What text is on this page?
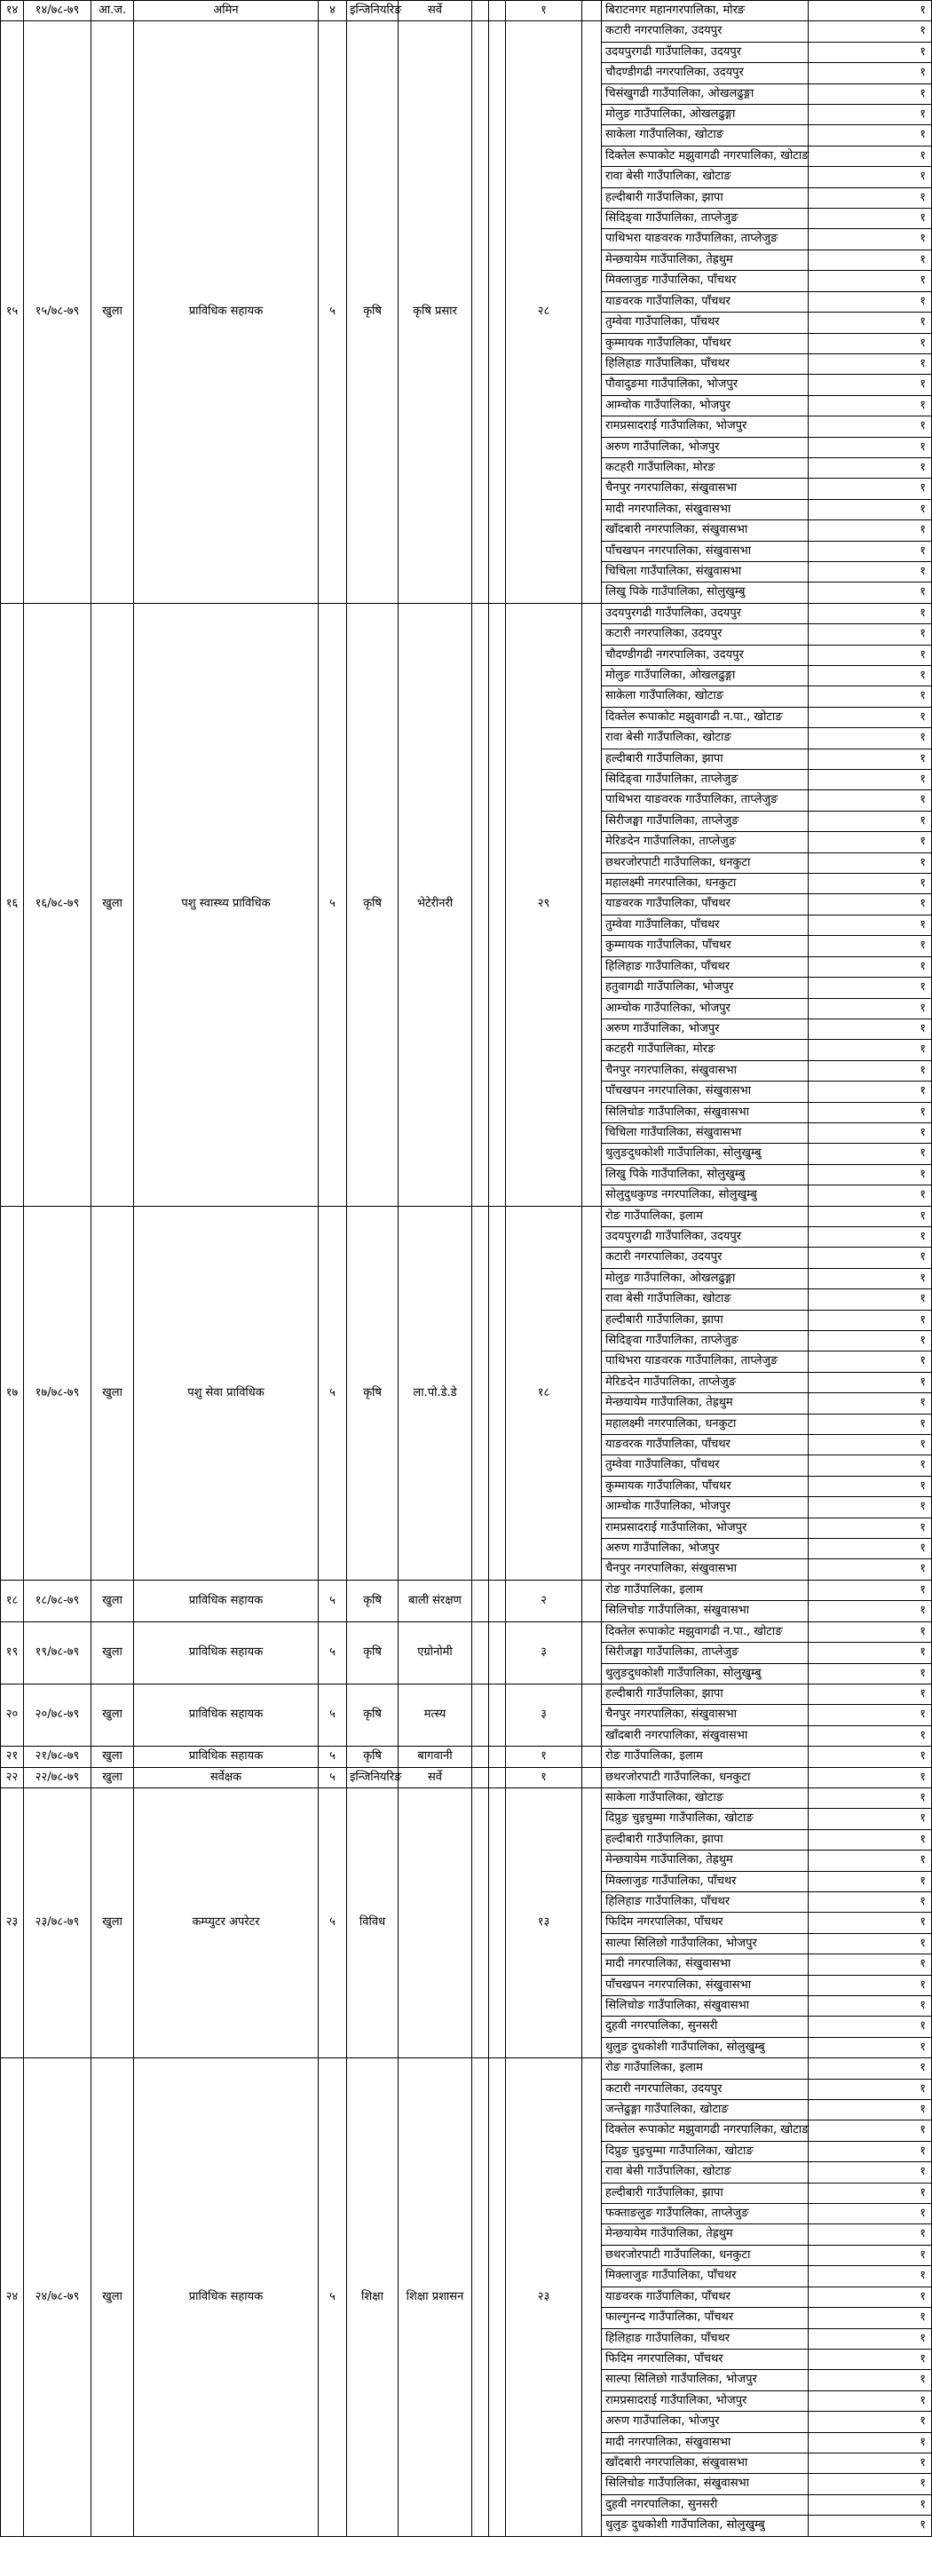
१४	१४/७८-७९	आ.ज.	अमिन	४	इन्जिनियरिङ	सर्वे			१		बिराटनगर महानगरपालिका, मोरङ	१
१५	१५/७८-७९	खुला	प्राविधिक सहायक	५	कृषि	कृषि प्रसार			२८		कटारी नगरपालिका, उदयपुर	१
											उदयपुरगढी गाउँपालिका, उदयपुर	१
											चौदण्डीगढी नगरपालिका, उदयपुर	१
											चिसंखुगढी गाउँपालिका, ओखलढुङ्गा	१
											मोलुङ गाउँपालिका, ओखलढुङ्गा	१
											साकेला गाउँपालिका, खोटाङ	१
											दिक्तेल रूपाकोट मझुवागढी नगरपालिका, खोटाङ	१
											रावा बेसी गाउँपालिका, खोटाङ	१
											हल्दीबारी गाउँपालिका, झापा	१
											सिदिङ्वा गाउँपालिका, ताप्लेजुङ	१
											पाथिभरा याङवरक गाउँपालिका, ताप्लेजुङ	१
											मेन्छयायेम गाउँपालिका, तेह्रथुम	१
											मिक्लाजुङ गाउँपालिका, पाँचथर	१
											याङवरक गाउँपालिका, पाँचथर	१
											तुम्वेवा गाउँपालिका, पाँचथर	१
											कुम्मायक गाउँपालिका, पाँचथर	१
											हिलिहाङ गाउँपालिका, पाँचथर	१
											पौवादुङमा गाउँपालिका, भोजपुर	१
											आम्चोक गाउँपालिका, भोजपुर	१
											रामप्रसादराई गाउँपालिका, भोजपुर	१
											अरुण गाउँपालिका, भोजपुर	१
											कटहरी गाउँपालिका, मोरङ	१
											चैनपुर नगरपालिका, संखुवासभा	१
											मादी नगरपालिका, संखुवासभा	१
											खाँदबारी नगरपालिका, संखुवासभा	१
											पाँचखपन नगरपालिका, संखुवासभा	१
											चिचिला गाउँपालिका, संखुवासभा	१
											लिखु पिके गाउँपालिका, सोलुखुम्बु	१
१६	१६/७८-७९	खुला	पशु स्वास्थ्य प्राविधिक	५	कृषि	भेटेरीनरी			२९		उदयपुरगढी गाउँपालिका, उदयपुर	१
											कटारी नगरपालिका, उदयपुर	१
											चौदण्डीगढी नगरपालिका, उदयपुर	१
											मोलुङ गाउँपालिका, ओखलढुङ्गा	१
											साकेला गाउँपालिका, खोटाङ	१
											दिक्तेल रूपाकोट मझुवागढी न.पा., खोटाङ	१
											रावा बेसी गाउँपालिका, खोटाङ	१
											हल्दीबारी गाउँपालिका, झापा	१
											सिदिङ्वा गाउँपालिका, ताप्लेजुङ	१
											पाथिभरा याङवरक गाउँपालिका, ताप्लेजुङ	१
											सिरीजङ्घा गाउँपालिका, ताप्लेजुङ	१
											मेरिङदेन गाउँपालिका, ताप्लेजुङ	१
											छथरजोरपाटी गाउँपालिका, धनकुटा	१
											महालक्ष्मी नगरपालिका, धनकुटा	१
											याङवरक गाउँपालिका, पाँचथर	१
											तुम्वेवा गाउँपालिका, पाँचथर	१
											कुम्मायक गाउँपालिका, पाँचथर	१
											हिलिहाङ गाउँपालिका, पाँचथर	१
											हतुवागढी गाउँपालिका, भोजपुर	१
											आम्चोक गाउँपालिका, भोजपुर	१
											अरुण गाउँपालिका, भोजपुर	१
											कटहरी गाउँपालिका, मोरङ	१
											चैनपुर नगरपालिका, संखुवासभा	१
											पाँचखपन नगरपालिका, संखुवासभा	१
											सिलिचोङ गाउँपालिका, संखुवासभा	१
											चिचिला गाउँपालिका, संखुवासभा	१
											थुलुङदुधकोशी गाउँपालिका, सोलुखुम्बु	१
											लिखु पिके गाउँपालिका, सोलुखुम्बु	१
											सोलुदुधकुण्ड नगरपालिका, सोलुखुम्बु	१
१७	१७/७८-७९	खुला	पशु सेवा प्राविधिक	५	कृषि	ला.पो.डे.डे			१८		रोङ गाउँपालिका, इलाम	१
											उदयपुरगढी गाउँपालिका, उदयपुर	१
											कटारी नगरपालिका, उदयपुर	१
											मोलुङ गाउँपालिका, ओखलढुङ्गा	१
											रावा बेसी गाउँपालिका, खोटाङ	१
											हल्दीबारी गाउँपालिका, झापा	१
											सिदिङ्वा गाउँपालिका, ताप्लेजुङ	१
											पाथिभरा याङवरक गाउँपालिका, ताप्लेजुङ	१
											मेरिङदेन गाउँपालिका, ताप्लेजुङ	१
											मेन्छयायेम गाउँपालिका, तेह्रथुम	१
											महालक्ष्मी नगरपालिका, धनकुटा	१
											याङवरक गाउँपालिका, पाँचथर	१
											तुम्वेवा गाउँपालिका, पाँचथर	१
											कुम्मायक गाउँपालिका, पाँचथर	१
											आम्चोक गाउँपालिका, भोजपुर	१
											रामप्रसादराई गाउँपालिका, भोजपुर	१
											अरुण गाउँपालिका, भोजपुर	१
											चैनपुर नगरपालिका, संखुवासभा	१
१८	१८/७८-७९	खुला	प्राविधिक सहायक	५	कृषि	बाली संरक्षण			२		रोङ गाउँपालिका, इलाम	१
											सिलिचोङ गाउँपालिका, संखुवासभा	१
१९	१९/७८-७९	खुला	प्राविधिक सहायक	५	कृषि	एग्रोनोमी			३		दिक्तेल रूपाकोट मझुवागढी न.पा., खोटाङ	१
											सिरीजङ्घा गाउँपालिका, ताप्लेजुङ	१
											थुलुङदुधकोशी गाउँपालिका, सोलुखुम्बु	१
२०	२०/७८-७९	खुला	प्राविधिक सहायक	५	कृषि	मत्स्य			३		हल्दीबारी गाउँपालिका, झापा	१
											चैनपुर नगरपालिका, संखुवासभा	१
											खाँदबारी नगरपालिका, संखुवासभा	१
२१	२१/७८-७९	खुला	प्राविधिक सहायक	५	कृषि	बागवानी			१		रोङ गाउँपालिका, इलाम	१
२२	२२/७८-७९	खुला	सर्वेक्षक	५	इन्जिनियरिङ	सर्वे			१		छथरजोरपाटी गाउँपालिका, धनकुटा	१
२३	२३/७८-७९	खुला	कम्प्युटर अपरेटर	५	विविध				१३		साकेला गाउँपालिका, खोटाङ	१
											दिप्रुङ चुइचुम्मा गाउँपालिका, खोटाङ	१
											हल्दीबारी गाउँपालिका, झापा	१
											मेन्छयायेम गाउँपालिका, तेह्रथुम	१
											मिक्लाजुङ गाउँपालिका, पाँचथर	१
											हिलिहाङ गाउँपालिका, पाँचथर	१
											फिदिम नगरपालिका, पाँचथर	१
											साल्पा सिलिछो गाउँपालिका, भोजपुर	१
											मादी नगरपालिका, संखुवासभा	१
											पाँचखपन नगरपालिका, संखुवासभा	१
											सिलिचोङ गाउँपालिका, संखुवासभा	१
											दुहवी नगरपालिका, सुनसरी	१
											थुलुङ दुधकोशी गाउँपालिका, सोलुखुम्बु	१
२४	२४/७८-७९	खुला	प्राविधिक सहायक	५	शिक्षा	शिक्षा प्रशासन			२३		रोङ गाउँपालिका, इलाम	१
											कटारी नगरपालिका, उदयपुर	१
											जन्तेढुङ्गा गाउँपालिका, खोटाङ	१
											दिक्तेल रूपाकोट मझुवागढी नगरपालिका, खोटाङ	१
											दिप्रुङ चुइचुम्मा गाउँपालिका, खोटाङ	१
											रावा बेसी गाउँपालिका, खोटाङ	१
											हल्दीबारी गाउँपालिका, झापा	१
											फक्ताङलुङ गाउँपालिका, ताप्लेजुङ	१
											मेन्छयायेम गाउँपालिका, तेह्रथुम	१
											छथरजोरपाटी गाउँपालिका, धनकुटा	१
											मिक्लाजुङ गाउँपालिका, पाँचथर	१
											याङवरक गाउँपालिका, पाँचथर	१
											फाल्गुनन्द गाउँपालिका, पाँचथर	१
											हिलिहाङ गाउँपालिका, पाँचथर	१
											फिदिम नगरपालिका, पाँचथर	१
											साल्पा सिलिछो गाउँपालिका, भोजपुर	१
											रामप्रसादराई गाउँपालिका, भोजपुर	१
											अरुण गाउँपालिका, भोजपुर	१
											मादी नगरपालिका, संखुवासभा	१
											खाँदबारी नगरपालिका, संखुवासभा	१
											सिलिचोङ गाउँपालिका, संखुवासभा	१
											दुहवी नगरपालिका, सुनसरी	१
											थुलुङ दुधकोशी गाउँपालिका, सोलुखुम्बु	१
